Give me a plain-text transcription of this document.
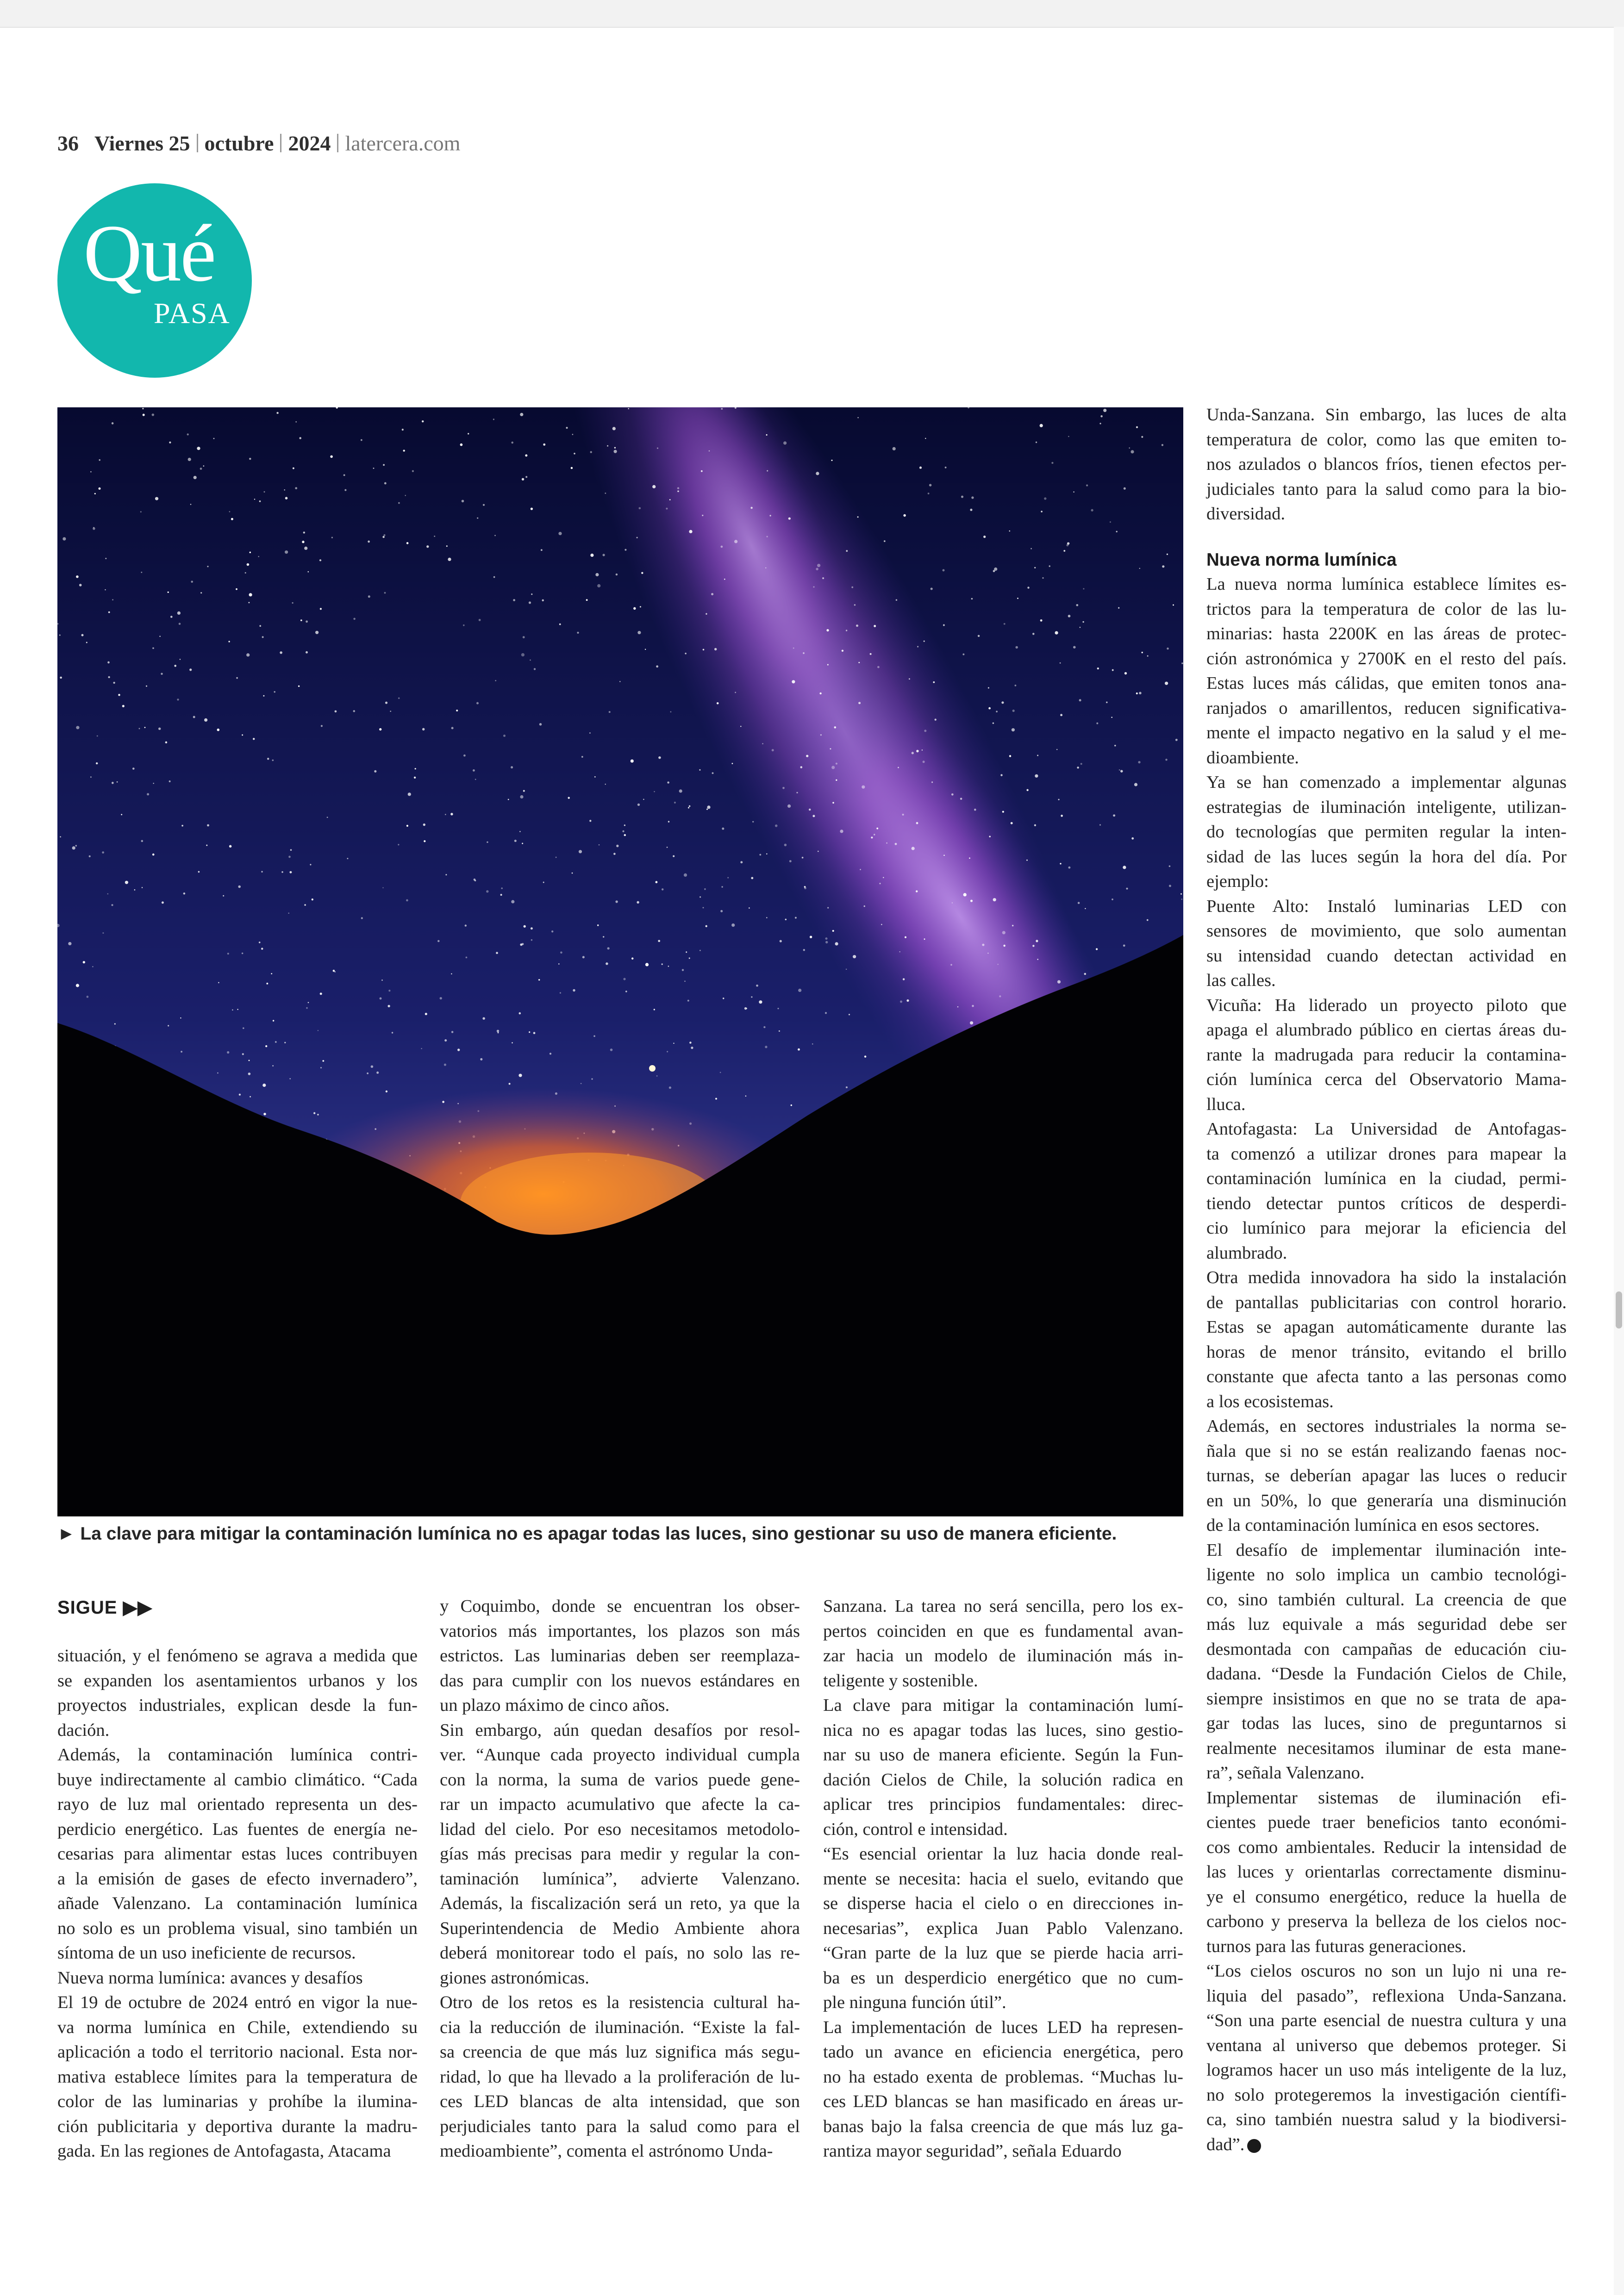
36 Viernes 25 octubre 2024 latercera.com
Qué
PASA
► La clave para mitigar la contaminación lumínica no es apagar todas las luces, sino gestionar su uso de manera eficiente.
SIGUE ▶▶
situación, y el fenómeno se agrava a medida que
se expanden los asentamientos urbanos y los
proyectos industriales, explican desde la fun-
dación.
Además, la contaminación lumínica contri-
buye indirectamente al cambio climático. “Cada
rayo de luz mal orientado representa un des-
perdicio energético. Las fuentes de energía ne-
cesarias para alimentar estas luces contribuyen
a la emisión de gases de efecto invernadero”,
añade Valenzano. La contaminación lumínica
no solo es un problema visual, sino también un
síntoma de un uso ineficiente de recursos.
Nueva norma lumínica: avances y desafíos
El 19 de octubre de 2024 entró en vigor la nue-
va norma lumínica en Chile, extendiendo su
aplicación a todo el territorio nacional. Esta nor-
mativa establece límites para la temperatura de
color de las luminarias y prohíbe la ilumina-
ción publicitaria y deportiva durante la madru-
gada. En las regiones de Antofagasta, Atacama
y Coquimbo, donde se encuentran los obser-
vatorios más importantes, los plazos son más
estrictos. Las luminarias deben ser reemplaza-
das para cumplir con los nuevos estándares en
un plazo máximo de cinco años.
Sin embargo, aún quedan desafíos por resol-
ver. “Aunque cada proyecto individual cumpla
con la norma, la suma de varios puede gene-
rar un impacto acumulativo que afecte la ca-
lidad del cielo. Por eso necesitamos metodolo-
gías más precisas para medir y regular la con-
taminación lumínica”, advierte Valenzano.
Además, la fiscalización será un reto, ya que la
Superintendencia de Medio Ambiente ahora
deberá monitorear todo el país, no solo las re-
giones astronómicas.
Otro de los retos es la resistencia cultural ha-
cia la reducción de iluminación. “Existe la fal-
sa creencia de que más luz significa más segu-
ridad, lo que ha llevado a la proliferación de lu-
ces LED blancas de alta intensidad, que son
perjudiciales tanto para la salud como para el
medioambiente”, comenta el astrónomo Unda-
Sanzana. La tarea no será sencilla, pero los ex-
pertos coinciden en que es fundamental avan-
zar hacia un modelo de iluminación más in-
teligente y sostenible.
La clave para mitigar la contaminación lumí-
nica no es apagar todas las luces, sino gestio-
nar su uso de manera eficiente. Según la Fun-
dación Cielos de Chile, la solución radica en
aplicar tres principios fundamentales: direc-
ción, control e intensidad.
“Es esencial orientar la luz hacia donde real-
mente se necesita: hacia el suelo, evitando que
se disperse hacia el cielo o en direcciones in-
necesarias”, explica Juan Pablo Valenzano.
“Gran parte de la luz que se pierde hacia arri-
ba es un desperdicio energético que no cum-
ple ninguna función útil”.
La implementación de luces LED ha represen-
tado un avance en eficiencia energética, pero
no ha estado exenta de problemas. “Muchas lu-
ces LED blancas se han masificado en áreas ur-
banas bajo la falsa creencia de que más luz ga-
rantiza mayor seguridad”, señala Eduardo
Unda-Sanzana. Sin embargo, las luces de alta
temperatura de color, como las que emiten to-
nos azulados o blancos fríos, tienen efectos per-
judiciales tanto para la salud como para la bio-
diversidad.
Nueva norma lumínica
La nueva norma lumínica establece límites es-
trictos para la temperatura de color de las lu-
minarias: hasta 2200K en las áreas de protec-
ción astronómica y 2700K en el resto del país.
Estas luces más cálidas, que emiten tonos ana-
ranjados o amarillentos, reducen significativa-
mente el impacto negativo en la salud y el me-
dioambiente.
Ya se han comenzado a implementar algunas
estrategias de iluminación inteligente, utilizan-
do tecnologías que permiten regular la inten-
sidad de las luces según la hora del día. Por
ejemplo:
Puente Alto: Instaló luminarias LED con
sensores de movimiento, que solo aumentan
su intensidad cuando detectan actividad en
las calles.
Vicuña: Ha liderado un proyecto piloto que
apaga el alumbrado público en ciertas áreas du-
rante la madrugada para reducir la contamina-
ción lumínica cerca del Observatorio Mama-
lluca.
Antofagasta: La Universidad de Antofagas-
ta comenzó a utilizar drones para mapear la
contaminación lumínica en la ciudad, permi-
tiendo detectar puntos críticos de desperdi-
cio lumínico para mejorar la eficiencia del
alumbrado.
Otra medida innovadora ha sido la instalación
de pantallas publicitarias con control horario.
Estas se apagan automáticamente durante las
horas de menor tránsito, evitando el brillo
constante que afecta tanto a las personas como
a los ecosistemas.
Además, en sectores industriales la norma se-
ñala que si no se están realizando faenas noc-
turnas, se deberían apagar las luces o reducir
en un 50%, lo que generaría una disminución
de la contaminación lumínica en esos sectores.
El desafío de implementar iluminación inte-
ligente no solo implica un cambio tecnológi-
co, sino también cultural. La creencia de que
más luz equivale a más seguridad debe ser
desmontada con campañas de educación ciu-
dadana. “Desde la Fundación Cielos de Chile,
siempre insistimos en que no se trata de apa-
gar todas las luces, sino de preguntarnos si
realmente necesitamos iluminar de esta mane-
ra”, señala Valenzano.
Implementar sistemas de iluminación efi-
cientes puede traer beneficios tanto económi-
cos como ambientales. Reducir la intensidad de
las luces y orientarlas correctamente disminu-
ye el consumo energético, reduce la huella de
carbono y preserva la belleza de los cielos noc-
turnos para las futuras generaciones.
“Los cielos oscuros no son un lujo ni una re-
liquia del pasado”, reflexiona Unda-Sanzana.
“Son una parte esencial de nuestra cultura y una
ventana al universo que debemos proteger. Si
logramos hacer un uso más inteligente de la luz,
no solo protegeremos la investigación científi-
ca, sino también nuestra salud y la biodiversi-
dad”.
